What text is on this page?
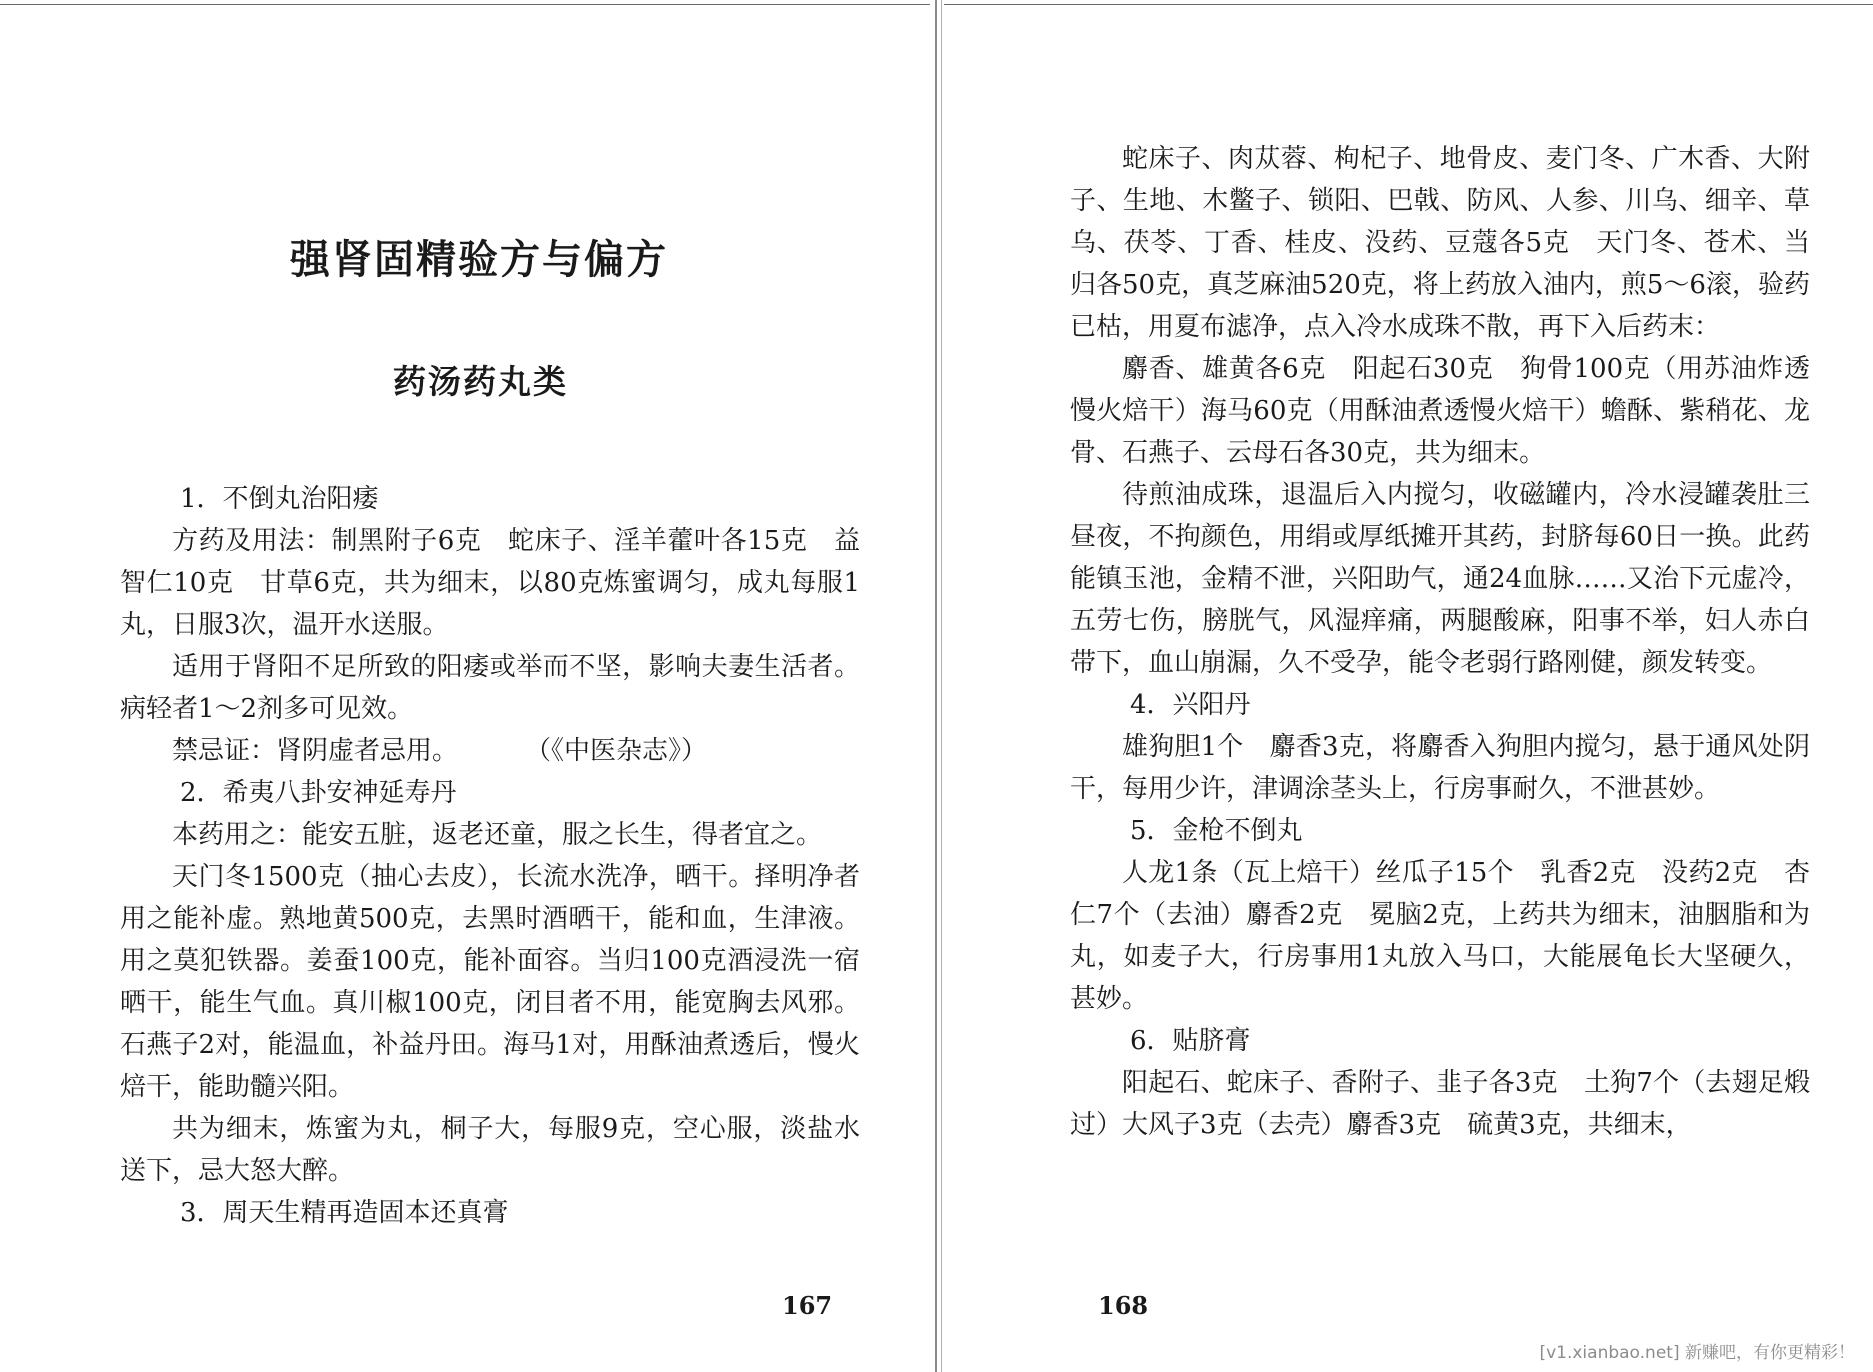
强肾固精验方与偏方
药汤药丸类

1．不倒丸治阳痿

方药及用法：制黑附子6克　蛇床子、淫羊藿叶各15克　益智仁10克　甘草6克，共为细末，以80克炼蜜调匀，成丸每服1丸，日服3次，温开水送服。

适用于肾阳不足所致的阳痿或举而不坚，影响夫妻生活者。病轻者1～2剂多可见效。

禁忌证：肾阴虚者忌用。	（《中医杂志》）

2．希夷八卦安神延寿丹

本药用之：能安五脏，返老还童，服之长生，得者宜之。

天门冬1500克（抽心去皮），长流水洗净，晒干。择明净者用之能补虚。熟地黄500克，去黑时酒晒干，能和血，生津液。用之莫犯铁器。姜蚕100克，能补面容。当归100克酒浸洗一宿晒干，能生气血。真川椒100克，闭目者不用，能宽胸去风邪。石燕子2对，能温血，补益丹田。海马1对，用酥油煮透后，慢火焙干，能助髓兴阳。

共为细末，炼蜜为丸，桐子大，每服9克，空心服，淡盐水送下，忌大怒大醉。

3．周天生精再造固本还真膏

167

蛇床子、肉苁蓉、枸杞子、地骨皮、麦门冬、广木香、大附子、生地、木鳖子、锁阳、巴戟、防风、人参、川乌、细辛、草乌、茯苓、丁香、桂皮、没药、豆蔻各5克　天门冬、苍术、当归各50克，真芝麻油520克，将上药放入油内，煎5～6滚，验药已枯，用夏布滤净，点入冷水成珠不散，再下入后药末：

麝香、雄黄各6克　阳起石30克　狗骨100克（用苏油炸透慢火焙干）海马60克（用酥油煮透慢火焙干）蟾酥、紫稍花、龙骨、石燕子、云母石各30克，共为细末。

待煎油成珠，退温后入内搅匀，收磁罐内，冷水浸罐袭肚三昼夜，不拘颜色，用绢或厚纸摊开其药，封脐每60日一换。此药能镇玉池，金精不泄，兴阳助气，通24血脉……又治下元虚冷，五劳七伤，膀胱气，风湿痒痛，两腿酸麻，阳事不举，妇人赤白带下，血山崩漏，久不受孕，能令老弱行路刚健，颜发转变。

4．兴阳丹

雄狗胆1个　麝香3克，将麝香入狗胆内搅匀，悬于通风处阴干，每用少许，津调涂茎头上，行房事耐久，不泄甚妙。

5．金枪不倒丸

人龙1条（瓦上焙干）丝瓜子15个　乳香2克　没药2克　杏仁7个（去油）麝香2克　冕脑2克，上药共为细末，油胭脂和为丸，如麦子大，行房事用1丸放入马口，大能展龟长大坚硬久，甚妙。

6．贴脐膏

阳起石、蛇床子、香附子、韭子各3克　土狗7个（去翅足煅过）大风子3克（去壳）麝香3克　硫黄3克，共细末，

168
[v1.xianbao.net] 新赚吧，有你更精彩！
